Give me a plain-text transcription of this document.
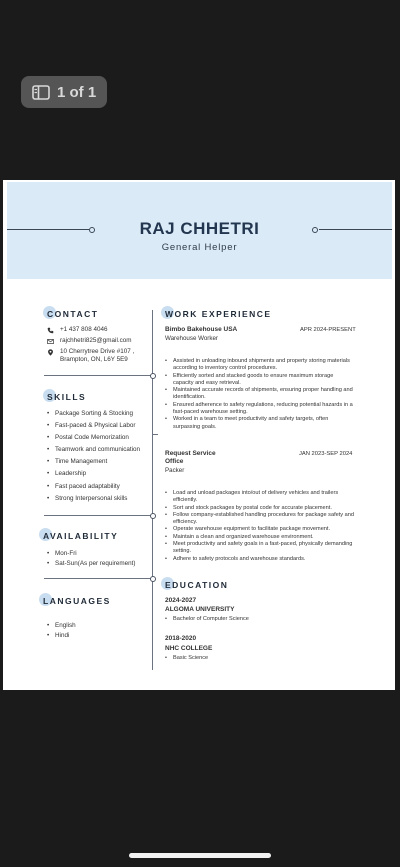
1 of 1
RAJ CHHETRI
General Helper
CONTACT
+1 437 808 4046
rajchhetri825@gmail.com
10 Cherrytree Drive #107 ,
Brampton, ON, L6Y 5E9
SKILLS
• Package Sorting & Stocking
• Fast-paced & Physical Labor
• Postal Code Memorization
• Teamwork and communication
• Time Management
• Leadership
• Fast paced adaptability
• Strong Interpersonal skills
AVAILABILITY
• Mon-Fri
• Sat-Sun(As per requirement)
LANGUAGES
• English
• Hindi
WORK EXPERIENCE
Bimbo Bakehouse USA	APR 2024-PRESENT
Warehouse Worker
• Assisted in unloading inbound shipments and property storing materials according to inventory control procedures.
• Efficiently sorted and stacked goods to ensure maximum storage capacity and easy retrieval.
• Maintained accurate records of shipments, ensuring proper handling and identification.
• Ensured adherence to safety regulations, reducing potential hazards in a fast-paced warehouse setting.
• Worked in a team to meet productivity and safety targets, often surpassing goals.
Request Service
Office
JAN 2023-SEP 2024
Packer
• Load and unload packages into/out of delivery vehicles and trailers efficiently.
• Sort and stock packages by postal code for accurate placement.
• Follow company-established handling procedures for package safety and efficiency.
• Operate warehouse equipment to facilitate package movement.
• Maintain a clean and organized warehouse environment.
• Meet productivity and safety goals in a fast-paced, physically demanding setting.
• Adhere to safety protocols and warehouse standards.
EDUCATION
2024-2027
ALGOMA UNIVERSITY
• Bachelor of Computer Science
2018-2020
NHC COLLEGE
• Basic Science
